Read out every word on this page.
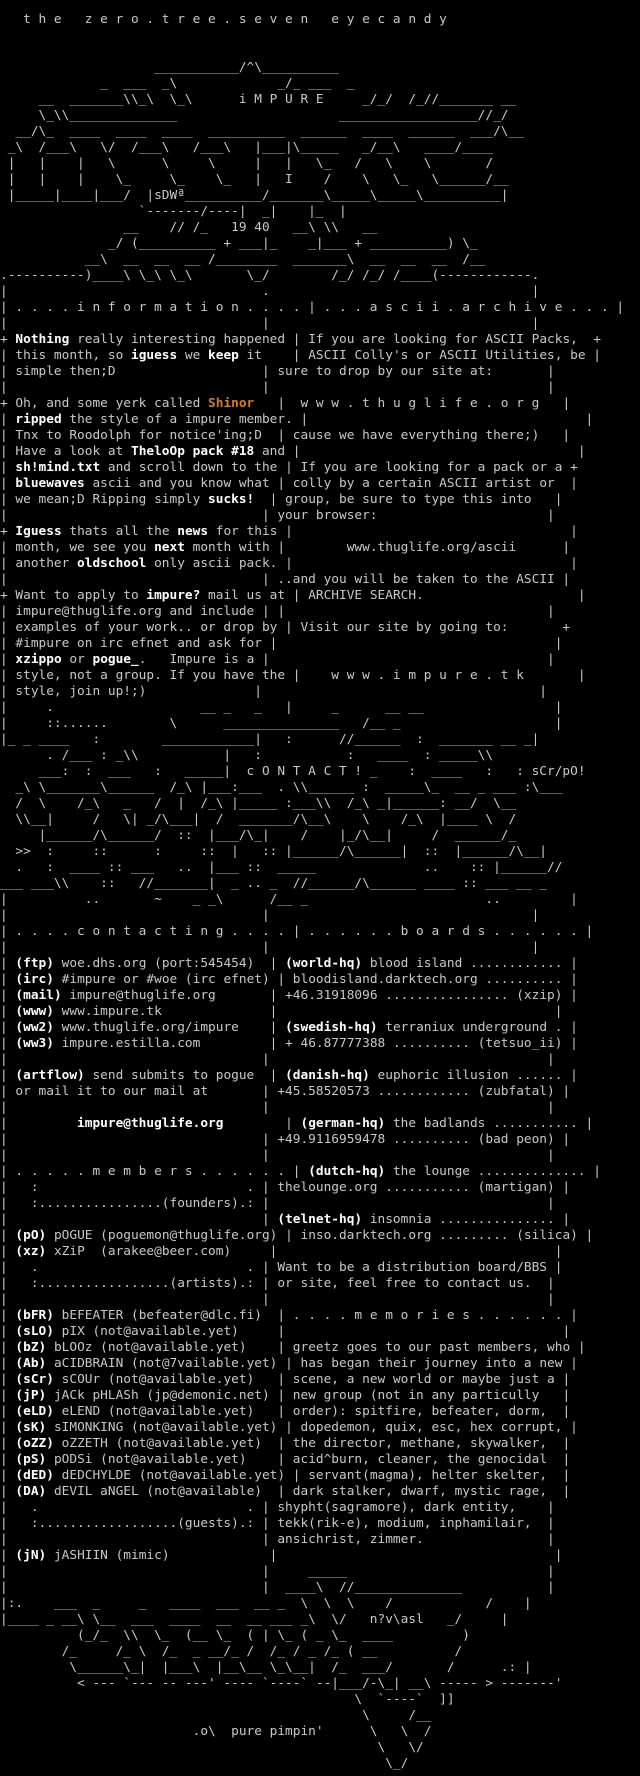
t h e   z e r o . t r e e . s e v e n   e y e c a n d y
___________/^\__________
_  ___  _\             _/_ ___  _
__  _______\\_\  \_\      i M P U R E     _/_/  /_//_______ __
\_\\______________                     __________________//_/
__/\_  ____  ____  ____  __________  ______  ____  ______  ___/\__
_\  /___\   \/  /___\   /___\   |___|\_____   _/__\   ____/____
|   |    |   \      \     \     |   |   \_   /   \    \       /
|   |    |    \_     \_    \_   |   I    /    \   \_   \______/__
|_____|____|___/  |sDWª__________/_______\_____\_____\__________|
`-------/----|  _|    |_  |
__    // /_   19 40   __\ \\   __
_/ (__________ + ___|_    _|___ + __________) \_
__\  __  __  __ /________  _______\  __  __  __  /__
.----------)____\ \_\ \_\       \_/        /_/ /_/ /____(------------.
|                                 .                                  |
| . . . . i n f o r m a t i o n . . . . | . . . a s c i i . a r c h i v e . . . |
|                                 |                                  |
+ Nothing really interesting happened | If you are looking for ASCII Packs,  +
| this month, so iguess we keep it    | ASCII Colly's or ASCII Utilities, be |
| simple then;D                   | sure to drop by our site at:       |
|                                 |                                    |
+ Oh, and some yerk called Shinor   |  w w w . t h u g l i f e . o r g   |
| ripped the style of a impure member. |                                    |
| Tnx to Roodolph for notice'ing;D  | cause we have everything there;)   |
| Have a look at TheloOp pack #18 and |                                    |
| sh!mind.txt and scroll down to the | If you are looking for a pack or a +
| bluewaves ascii and you know what | colly by a certain ASCII artist or  |
| we mean;D Ripping simply sucks!  | group, be sure to type this into   |
|                                 | your browser:                      |
+ Iguess thats all the news for this |                                    |
| month, we see you next month with |        www.thuglife.org/ascii      |
| another oldschool only ascii pack. |                                    |
|                                 | ..and you will be taken to the ASCII |
+ Want to apply to impure? mail us at | ARCHIVE SEARCH.                    |
| impure@thuglife.org and include | |                                  |
| examples of your work.. or drop by | Visit our site by going to:       +
| #impure on irc efnet and ask for |                                    |
| xzippo or pogue_.   Impure is a |                                    |
| style, not a group. If you have the |    w w w . i m p u r e . t k       |
| style, join up!;)              |                                    |
|     .                   __ _   _   |     _      __ __                 |
|     ::......        \      _______________   /__ _                    |
|_ _ ____   :        ____________|   :      //______  :  _______ __ _|
. /___ : _\\           |   :           :   ____  : _____\\
___:  :  ___   :   _____|  c O N T A C T ! _    :  ____   :   : sCr/pO!
_\ \_______\______  /_\ |___:___  . \\______ :  _____\_  __ _ ___ :\___
/  \    /_\   _   /  |  /_\ |_____ :___\\  /_\ _|______: __/  \__
\\__|     /   \| _/\___|  /  _______/\__\    \    /_\  |____ \  /
|______/\______/  ::  |___/\_|    /    |_/\__|     /  ______/_
>>  :     ::      :     ::  |   :: |______/\______|  ::  |______/\__|
.   :  ____ :: ___   ..  |___ ::  _____              ..    :: |______//
___ ___\\    ::   //_______|  _ .. _  //______/\______ ____ :: ___ __ _
|          ..       ~    _ _\      /__ _                       ..         |
|                                 |                                  |
| . . . . c o n t a c t i n g . . . . | . . . . . . b o a r d s . . . . . . |
|                                 |                                  |
| (ftp) woe.dhs.org (port:545454)  | (world-hq) blood island ............ |
| (irc) #impure or #woe (irc efnet) | bloodisland.darktech.org .......... |
| (mail) impure@thuglife.org       | +46.31918096 ................ (xzip) |
| (www) www.impure.tk              |                                    |
| (ww2) www.thuglife.org/impure    | (swedish-hq) terraniux underground . |
| (ww3) impure.estilla.com         | + 46.87777388 .......... (tetsuo_ii) |
|                                 |                                    |
| (artflow) send submits to pogue  | (danish-hq) euphoric illusion ...... |
| or mail it to our mail at       | +45.58520573 ............ (zubfatal) |
|                                 |                                    |
|         impure@thuglife.org        | (german-hq) the badlands ........... |
|                                 | +49.9116959478 .......... (bad peon) |
|                                 |                                    |
| . . . . . m e m b e r s . . . . . . | (dutch-hq) the lounge .............. |
|   :                           . | thelounge.org ........... (martigan) |
|   :................(founders).: |                                    |
|                                 | (telnet-hq) insomnia ............... |
| (pO) pOGUE (poguemon@thuglife.org) | inso.darktech.org ......... (silica) |
| (xz) xZiP  (arakee@beer.com)     |                                    |
|   .                           . | Want to be a distribution board/BBS |
|   :.................(artists).: | or site, feel free to contact us.  |
|                                 |                                    |
| (bFR) bEFEATER (befeater@dlc.fi)  | . . . . m e m o r i e s . . . . . . |
| (sLO) pIX (not@available.yet)     |                                    |
| (bZ) bLOOz (not@available.yet)    | greetz goes to our past members, who |
| (Ab) aCIDBRAIN (not@7vailable.yet) | has began their journey into a new |
| (sCr) sCOUr (not@available.yet)   | scene, a new world or maybe just a |
| (jP) jACk pHLASh (jp@demonic.net) | new group (not in any particully   |
| (eLD) eLEND (not@available.yet)   | order): spitfire, befeater, dorm,  |
| (sK) sIMONKING (not@available.yet) | dopedemon, quix, esc, hex corrupt, |
| (oZZ) oZZETH (not@available.yet)  | the director, methane, skywalker,  |
| (pS) pODSi (not@available.yet)    | acid^burn, cleaner, the genocidal  |
| (dED) dEDCHYLDE (not@available.yet) | servant(magma), helter skelter,  |
| (DA) dEVIL aNGEL (not@available)  | dark stalker, dwarf, mystic rage,  |
|   .                           . | shypht(sagramore), dark entity,    |
|   :..................(guests).: | tekk(rik-e), modium, inphamilair,  |
|                                 | ansichrist, zimmer.                |
| (jN) jASHIIN (mimic)             |                                    |
|                                 |     _____                          |
|                                 |  ____\  //______________           |
|:.    ___  _     _   ____  ___  __ _  \  \  \    /            /    |
|____ _ __\ \__  ___  ____  __  __ ___ _\  \/   n?v\asl   _/     |
(_/_  \\  \_  (__ \_  ( | \_ ( _ \_  ____         )
/_     /_ \  /_  _ __/_ /  /_ / _ /_ ( __          /
\______\_|  |___\  |__\__ \_\__|  /_  ___/       /      .: |
< --- `--- -- ---' ---- `----` --|___/-\_| __\ ----- > -------'
\  `----`  ]]
\     /__
.o\  pure pimpin'      \   \  /
\   \/
\_/
